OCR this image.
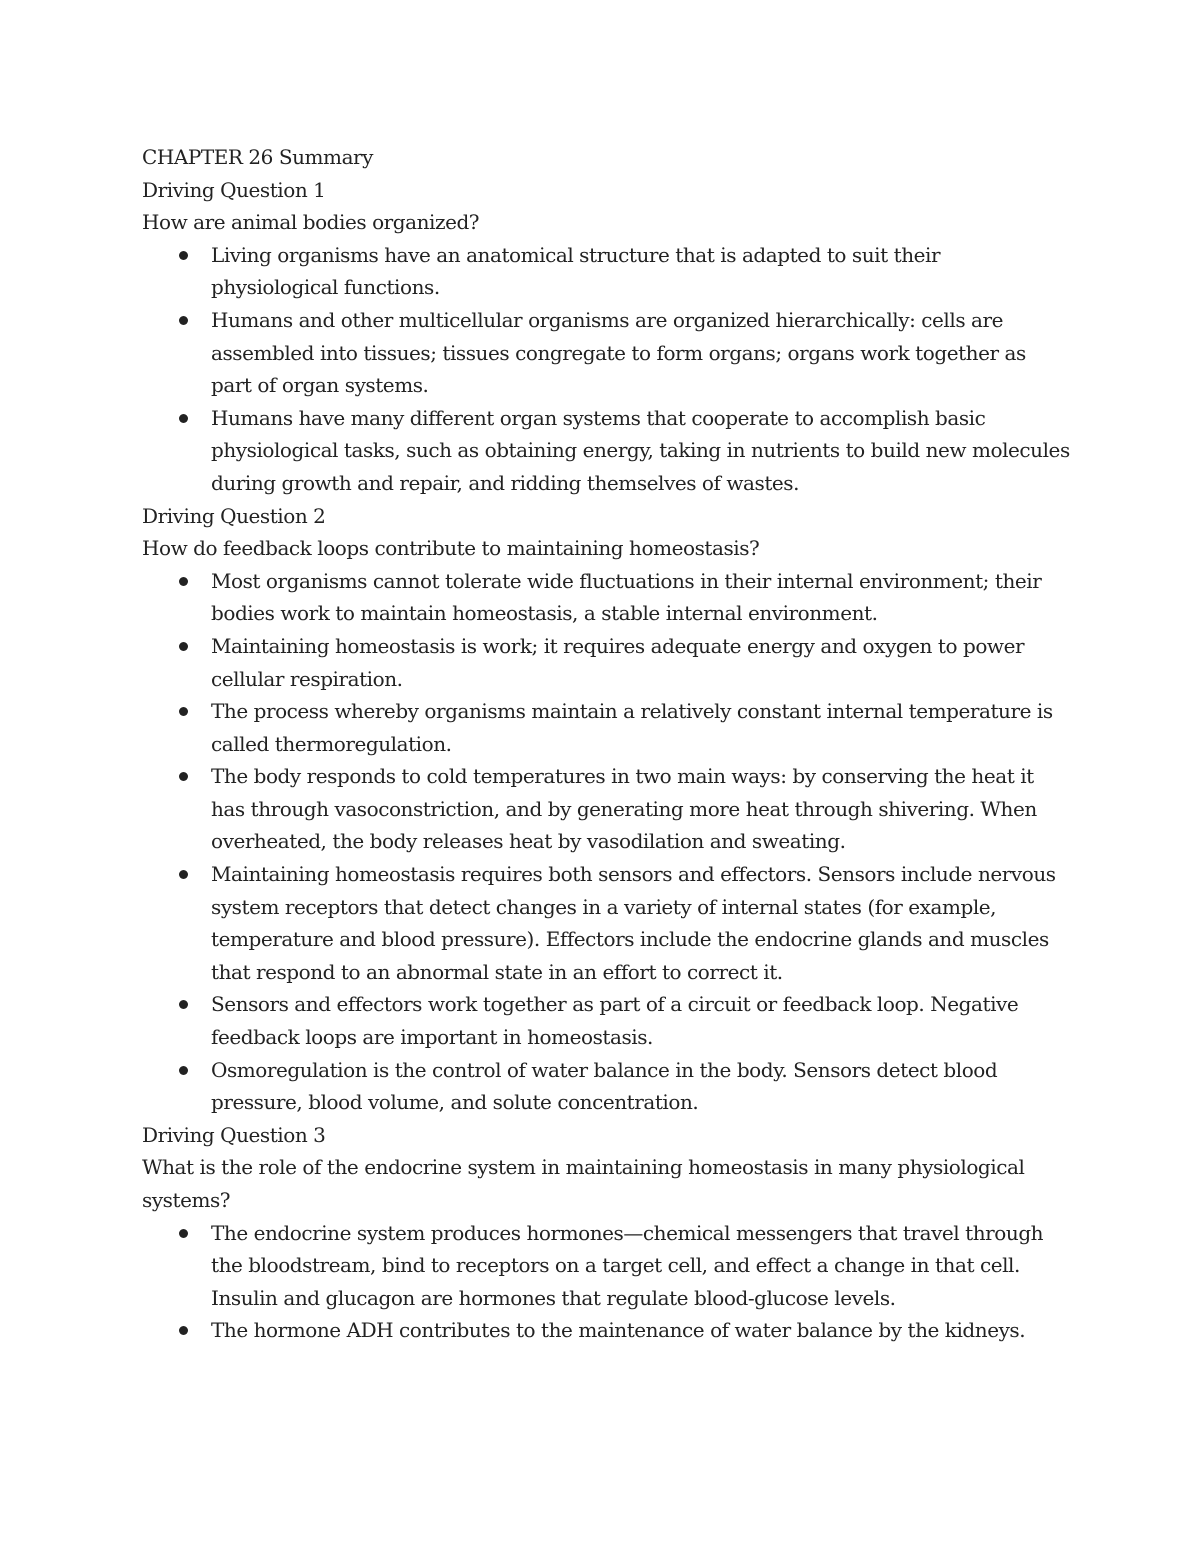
CHAPTER 26 Summary

Driving Question 1

How are animal bodies organized?

Living organisms have an anatomical structure that is adapted to suit their physiological functions.
Humans and other multicellular organisms are organized hierarchically: cells are assembled into tissues; tissues congregate to form organs; organs work together as part of organ systems.
Humans have many different organ systems that cooperate to accomplish basic physiological tasks, such as obtaining energy, taking in nutrients to build new molecules during growth and repair, and ridding themselves of wastes.

Driving Question 2

How do feedback loops contribute to maintaining homeostasis?

Most organisms cannot tolerate wide fluctuations in their internal environment; their bodies work to maintain homeostasis, a stable internal environment.
Maintaining homeostasis is work; it requires adequate energy and oxygen to power cellular respiration.
The process whereby organisms maintain a relatively constant internal temperature is called thermoregulation.
The body responds to cold temperatures in two main ways: by conserving the heat it has through vasoconstriction, and by generating more heat through shivering. When overheated, the body releases heat by vasodilation and sweating.
Maintaining homeostasis requires both sensors and effectors. Sensors include nervous system receptors that detect changes in a variety of internal states (for example, temperature and blood pressure). Effectors include the endocrine glands and muscles that respond to an abnormal state in an effort to correct it.
Sensors and effectors work together as part of a circuit or feedback loop. Negative feedback loops are important in homeostasis.
Osmoregulation is the control of water balance in the body. Sensors detect blood pressure, blood volume, and solute concentration.

Driving Question 3

What is the role of the endocrine system in maintaining homeostasis in many physiological systems?

The endocrine system produces hormones—chemical messengers that travel through the bloodstream, bind to receptors on a target cell, and effect a change in that cell. Insulin and glucagon are hormones that regulate blood-glucose levels.
The hormone ADH contributes to the maintenance of water balance by the kidneys.
